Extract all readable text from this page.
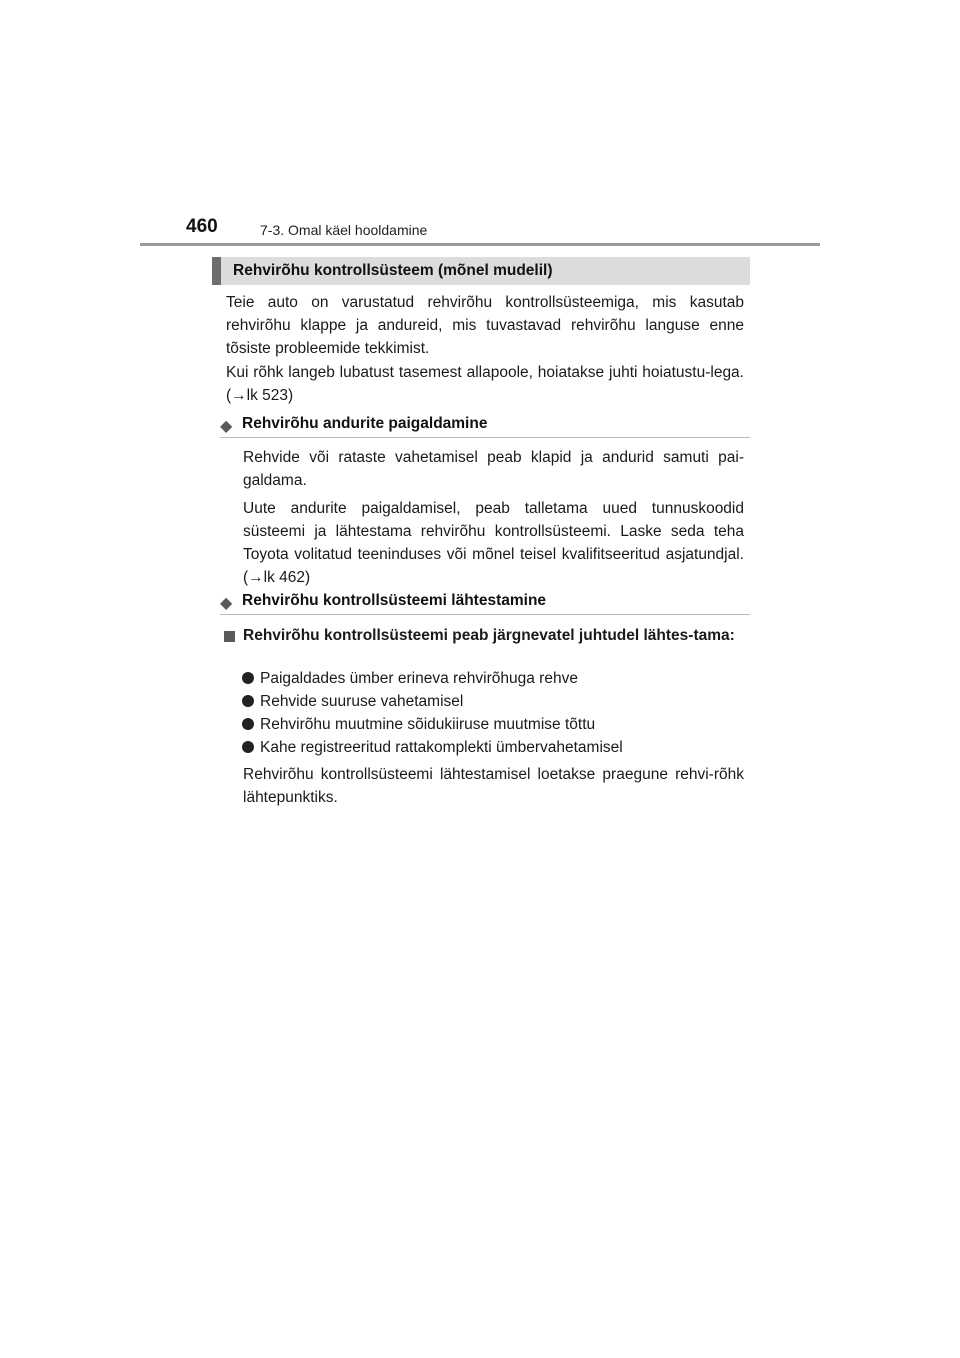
460	7-3. Omal käel hooldamine
Rehvirõhu kontrollsüsteem (mõnel mudelil)
Teie auto on varustatud rehvirõhu kontrollsüsteemiga, mis kasutab rehvirõhu klappe ja andureid, mis tuvastavad rehvirõhu languse enne tõsiste probleemide tekkimist.
Kui rõhk langeb lubatust tasemest allapoole, hoiatakse juhti hoiatustu-lega. (→lk 523)
◆ Rehvirõhu andurite paigaldamine
Rehvide või rataste vahetamisel peab klapid ja andurid samuti pai-galdama.
Uute andurite paigaldamisel, peab talletama uued tunnuskoodid süsteemi ja lähtestama rehvirõhu kontrollsüsteemi. Laske seda teha Toyota volitatud teeninduses või mõnel teisel kvalifitseeritud asjatundjal. (→lk 462)
◆ Rehvirõhu kontrollsüsteemi lähtestamine
Rehvirõhu kontrollsüsteemi peab järgnevatel juhtudel lähtes-tama:
Paigaldades ümber erineva rehvirõhuga rehve
Rehvide suuruse vahetamisel
Rehvirõhu muutmine sõidukiiruse muutmise tõttu
Kahe registreeritud rattakomplekti ümbervahetamisel
Rehvirõhu kontrollsüsteemi lähtestamisel loetakse praegune rehvi-rõhk lähtepunktiks.
